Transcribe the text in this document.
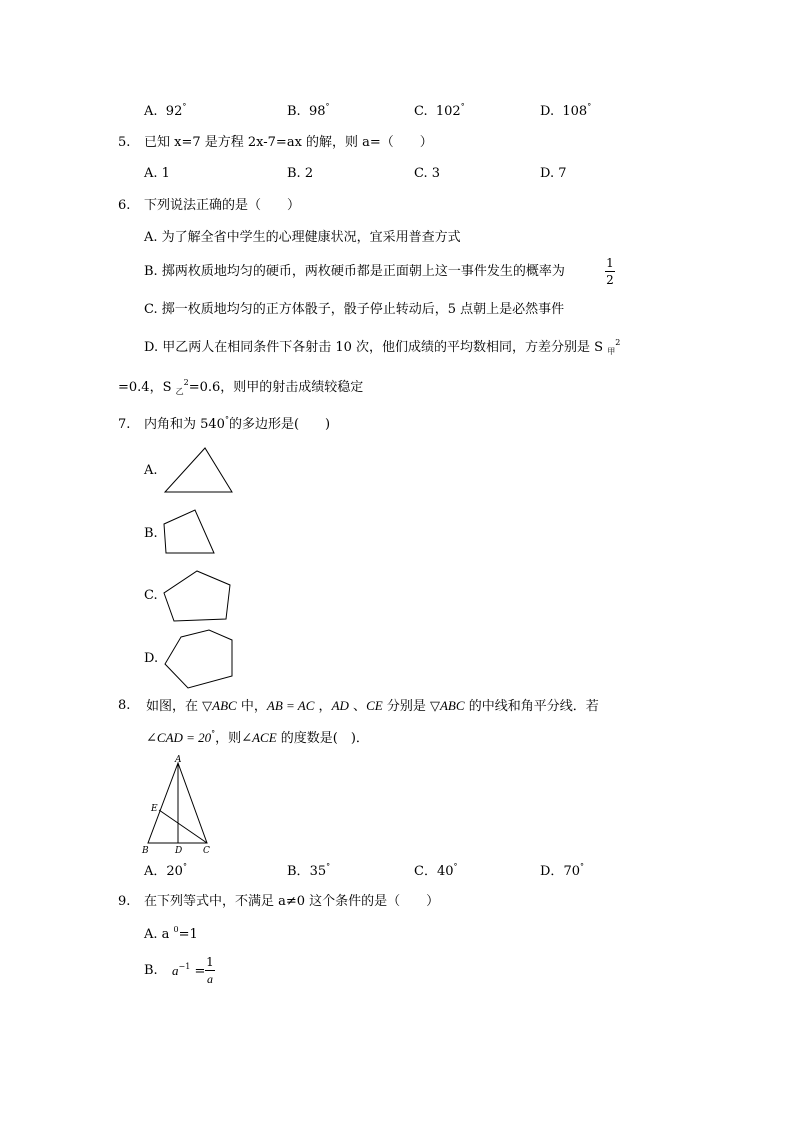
A. 92°	B. 98°	C. 102°	D. 108°
5. 已知 x=7 是方程 2x-7=ax 的解，则 a=（　　）
A. 1	B. 2	C. 3	D. 7
6. 下列说法正确的是（　　）
A. 为了解全省中学生的心理健康状况，宜采用普查方式
B. 掷两枚质地均匀的硬币，两枚硬币都是正面朝上这一事件发生的概率为
1
2
C. 掷一枚质地均匀的正方体骰子，骰子停止转动后，5 点朝上是必然事件
D. 甲乙两人在相同条件下各射击 10 次，他们成绩的平均数相同，方差分别是 S $_甲^2$
=0.4，S $_乙^2$=0.6，则甲的射击成绩较稳定
7. 内角和为 540°的多边形是(　　)
A.
B.
C.
D.
8. 如图，在 ▽ABC 中，AB = AC ，AD 、CE 分别是 ▽ABC 的中线和角平分线．若
∠CAD = 20°，则∠ACE 的度数是(　)．
A
E
B	D C
A．20°	B．35°	C．40°	D．70°
9. 在下列等式中，不满足 a≠0 这个条件的是（　　）
A. a $^0$=1
B. $a^{-1}$ =
1
a
